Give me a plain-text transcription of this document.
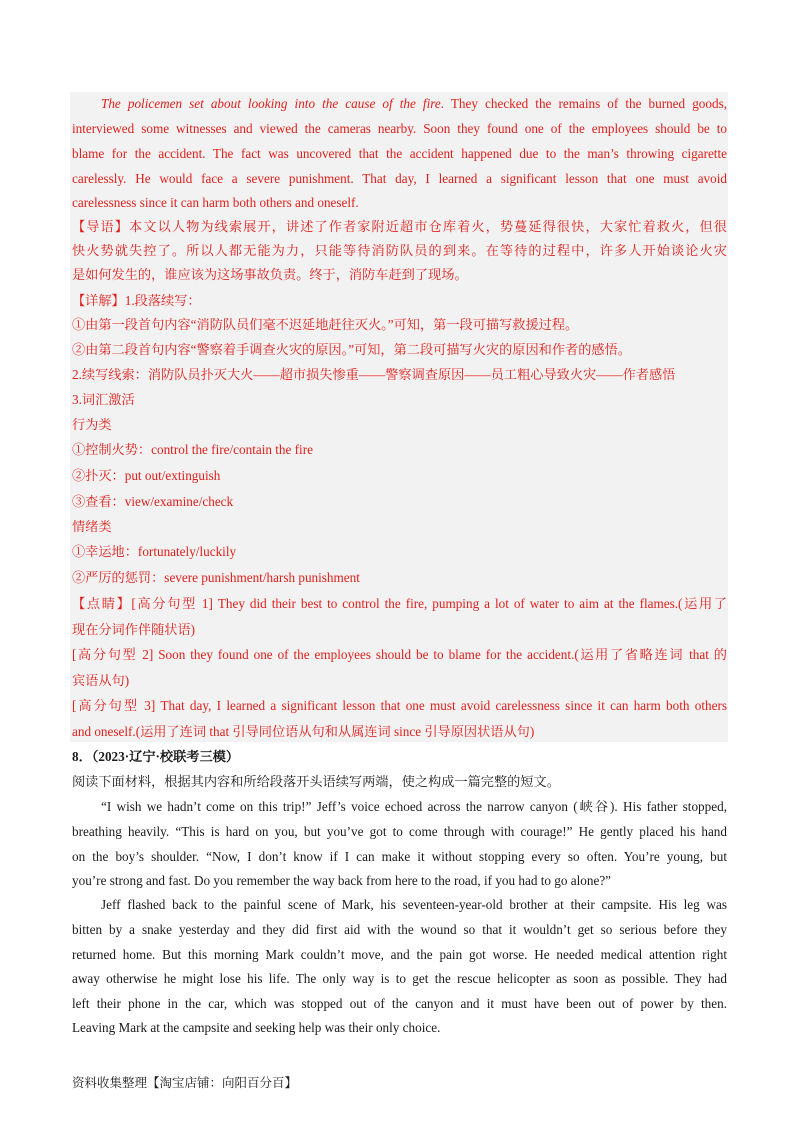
The policemen set about looking into the cause of the fire. They checked the remains of the burned goods,
interviewed some witnesses and viewed the cameras nearby. Soon they found one of the employees should be to
blame for the accident. The fact was uncovered that the accident happened due to the man’s throwing cigarette
carelessly. He would face a severe punishment. That day, I learned a significant lesson that one must avoid
carelessness since it can harm both others and oneself.
【导语】本文以人物为线索展开，讲述了作者家附近超市仓库着火，势蔓延得很快，大家忙着救火，但很
快火势就失控了。所以人都无能为力，只能等待消防队员的到来。在等待的过程中，许多人开始谈论火灾
是如何发生的，谁应该为这场事故负责。终于，消防车赶到了现场。
【详解】1.段落续写：
①由第一段首句内容“消防队员们毫不迟延地赶往灭火。”可知，第一段可描写救援过程。
②由第二段首句内容“警察着手调查火灾的原因。”可知，第二段可描写火灾的原因和作者的感悟。
2.续写线索：消防队员扑灭大火——超市损失惨重——警察调查原因——员工粗心导致火灾——作者感悟
3.词汇激活
行为类
①控制火势：control the fire/contain the fire
②扑灭：put out/extinguish
③查看：view/examine/check
情绪类
①幸运地：fortunately/luckily
②严厉的惩罚：severe punishment/harsh punishment
【点睛】[高分句型 1] They did their best to control the fire, pumping a lot of water to aim at the flames.(运用了
现在分词作伴随状语)
[高分句型 2] Soon they found one of the employees should be to blame for the accident.(运用了省略连词 that 的
宾语从句)
[高分句型 3] That day, I learned a significant lesson that one must avoid carelessness since it can harm both others
and oneself.(运用了连词 that 引导同位语从句和从属连词 since 引导原因状语从句)
8．（2023·辽宁·校联考三模）
阅读下面材料，根据其内容和所给段落开头语续写两端，使之构成一篇完整的短文。
“I wish we hadn’t come on this trip!” Jeff’s voice echoed across the narrow canyon (峡谷). His father stopped,
breathing heavily. “This is hard on you, but you’ve got to come through with courage!” He gently placed his hand
on the boy’s shoulder. “Now, I don’t know if I can make it without stopping every so often. You’re young, but
you’re strong and fast. Do you remember the way back from here to the road, if you had to go alone?”
Jeff flashed back to the painful scene of Mark, his seventeen-year-old brother at their campsite. His leg was
bitten by a snake yesterday and they did first aid with the wound so that it wouldn’t get so serious before they
returned home. But this morning Mark couldn’t move, and the pain got worse. He needed medical attention right
away otherwise he might lose his life. The only way is to get the rescue helicopter as soon as possible. They had
left their phone in the car, which was stopped out of the canyon and it must have been out of power by then.
Leaving Mark at the campsite and seeking help was their only choice.
资料收集整理【淘宝店铺：向阳百分百】
